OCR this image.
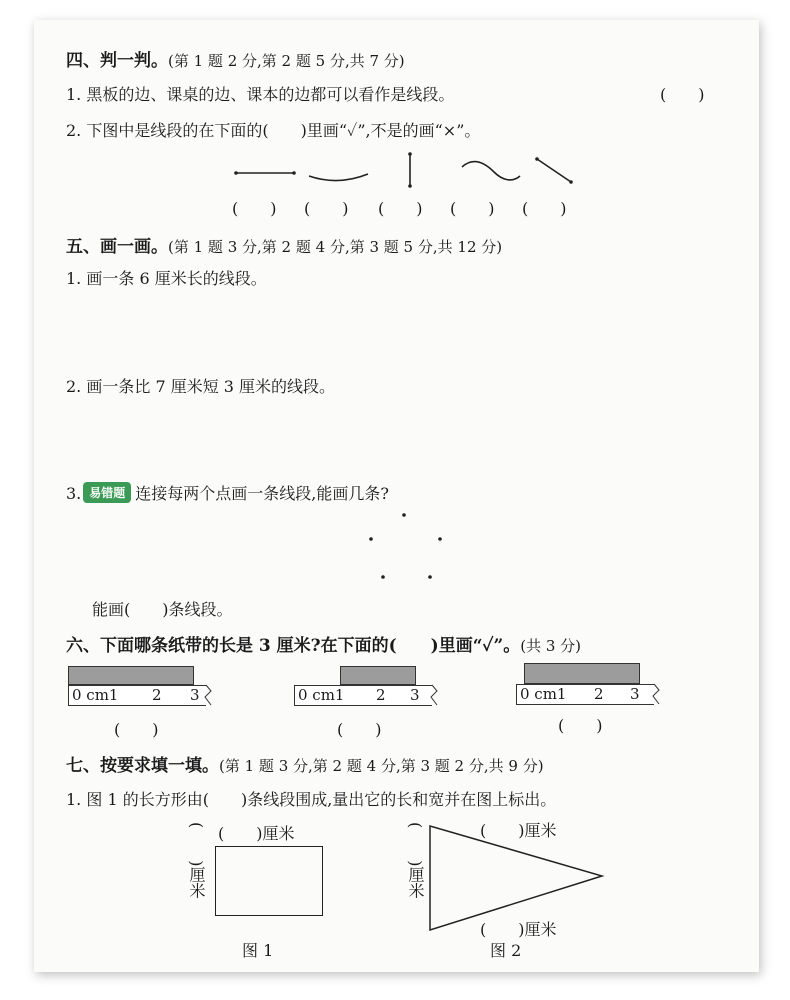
四、判一判。(第 1 题 2 分,第 2 题 5 分,共 7 分)
1. 黑板的边、课桌的边、课本的边都可以看作是线段。	(　　)
2. 下图中是线段的在下面的(　　)里画“✓”,不是的画“×”。
(　　) (　　) (　　) (　　) (　　)
五、画一画。(第 1 题 3 分,第 2 题 4 分,第 3 题 5 分,共 12 分)
1. 画一条 6 厘米长的线段。
2. 画一条比 7 厘米短 3 厘米的线段。
3. 易错题 连接每两个点画一条线段,能画几条?
能画(　　)条线段。
六、下面哪条纸带的长是 3 厘米?在下面的(　　)里画“✓”。(共 3 分)
0 cm1 2 3
(　　)
0 cm1 2 3
(　　)
0 cm1 2 3
(　　)
七、按要求填一填。(第 1 题 3 分,第 2 题 4 分,第 3 题 2 分,共 9 分)
1. 图 1 的长方形由(　　)条线段围成,量出它的长和宽并在图上标出。
(　　)厘米
(　　)厘米
图 1
(　　)厘米
(　　)厘米
(　　)厘米
图 2
